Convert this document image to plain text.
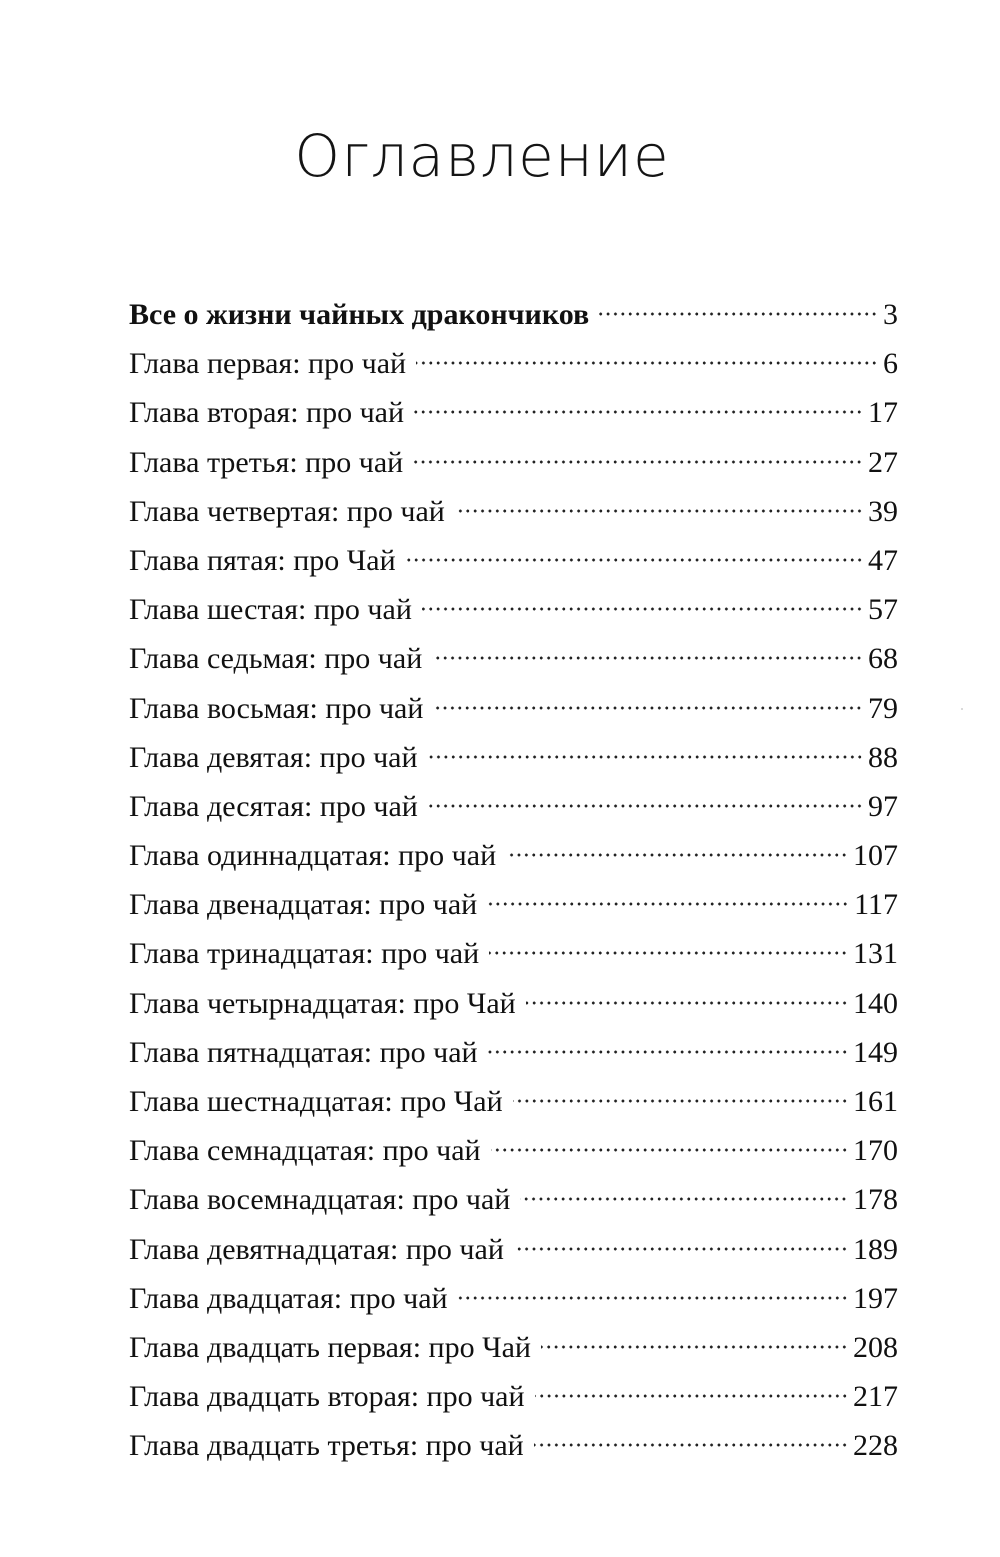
Оглавление
Все о жизни чайных дракончиков	3
Глава первая: про чай	6
Глава вторая: про чай	17
Глава третья: про чай	27
Глава четвертая: про чай	39
Глава пятая: про Чай	47
Глава шестая: про чай	57
Глава седьмая: про чай	68
Глава восьмая: про чай	79
Глава девятая: про чай	88
Глава десятая: про чай	97
Глава одиннадцатая: про чай	107
Глава двенадцатая: про чай	117
Глава тринадцатая: про чай	131
Глава четырнадцатая: про Чай	140
Глава пятнадцатая: про чай	149
Глава шестнадцатая: про Чай	161
Глава семнадцатая: про чай	170
Глава восемнадцатая: про чай	178
Глава девятнадцатая: про чай	189
Глава двадцатая: про чай	197
Глава двадцать первая: про Чай	208
Глава двадцать вторая: про чай	217
Глава двадцать третья: про чай	228
